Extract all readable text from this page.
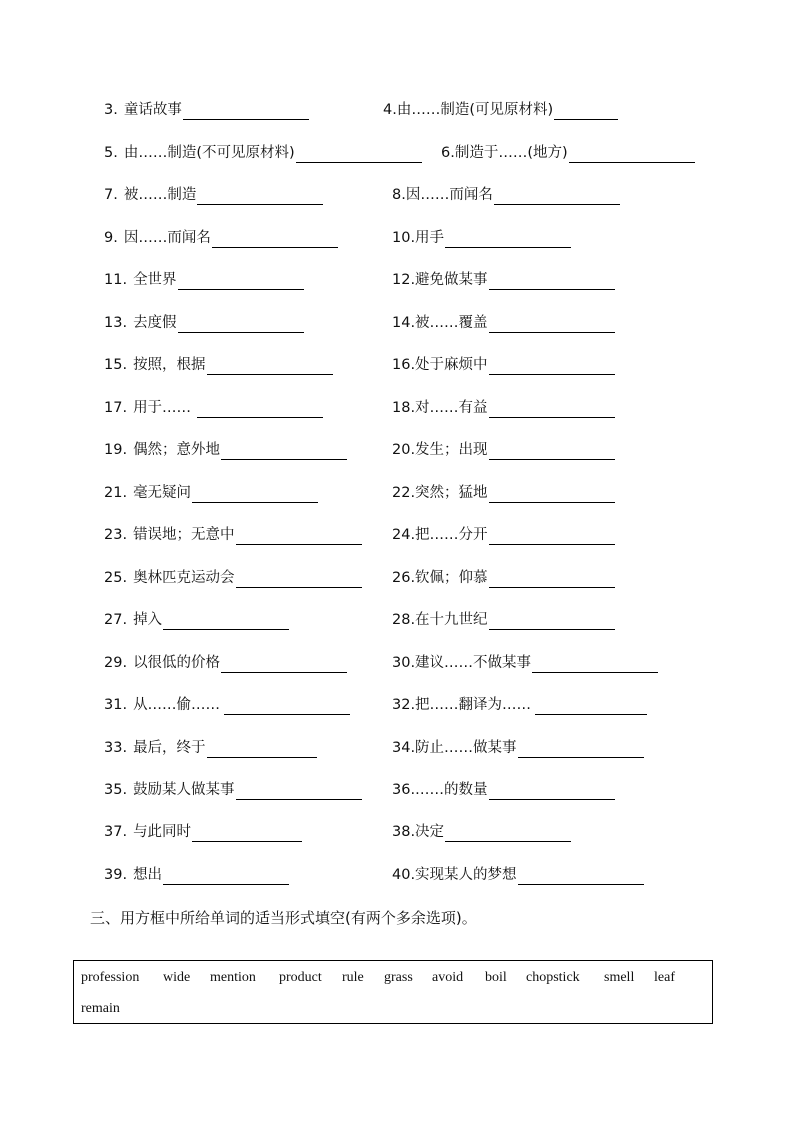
3. 童话故事	4.由……制造(可见原材料)
5. 由……制造(不可见原材料)	6.制造于……(地方)
7. 被……制造	8.因……而闻名
9. 因……而闻名	10.用手
11. 全世界	12.避免做某事
13. 去度假	14.被……覆盖
15. 按照，根据	16.处于麻烦中
17. 用于……	18.对……有益
19. 偶然；意外地	20.发生；出现
21. 毫无疑问	22.突然；猛地
23. 错误地；无意中	24.把……分开
25. 奥林匹克运动会	26.钦佩；仰慕
27. 掉入	28.在十九世纪
29. 以很低的价格	30.建议……不做某事
31. 从……偷……	32.把……翻译为……
33. 最后，终于	34.防止……做某事
35. 鼓励某人做某事	36.……的数量
37. 与此同时	38.决定
39. 想出	40.实现某人的梦想
三、用方框中所给单词的适当形式填空(有两个多余选项)。
profession wide mention product rule grass avoid boil chopstick smell leaf
remain
